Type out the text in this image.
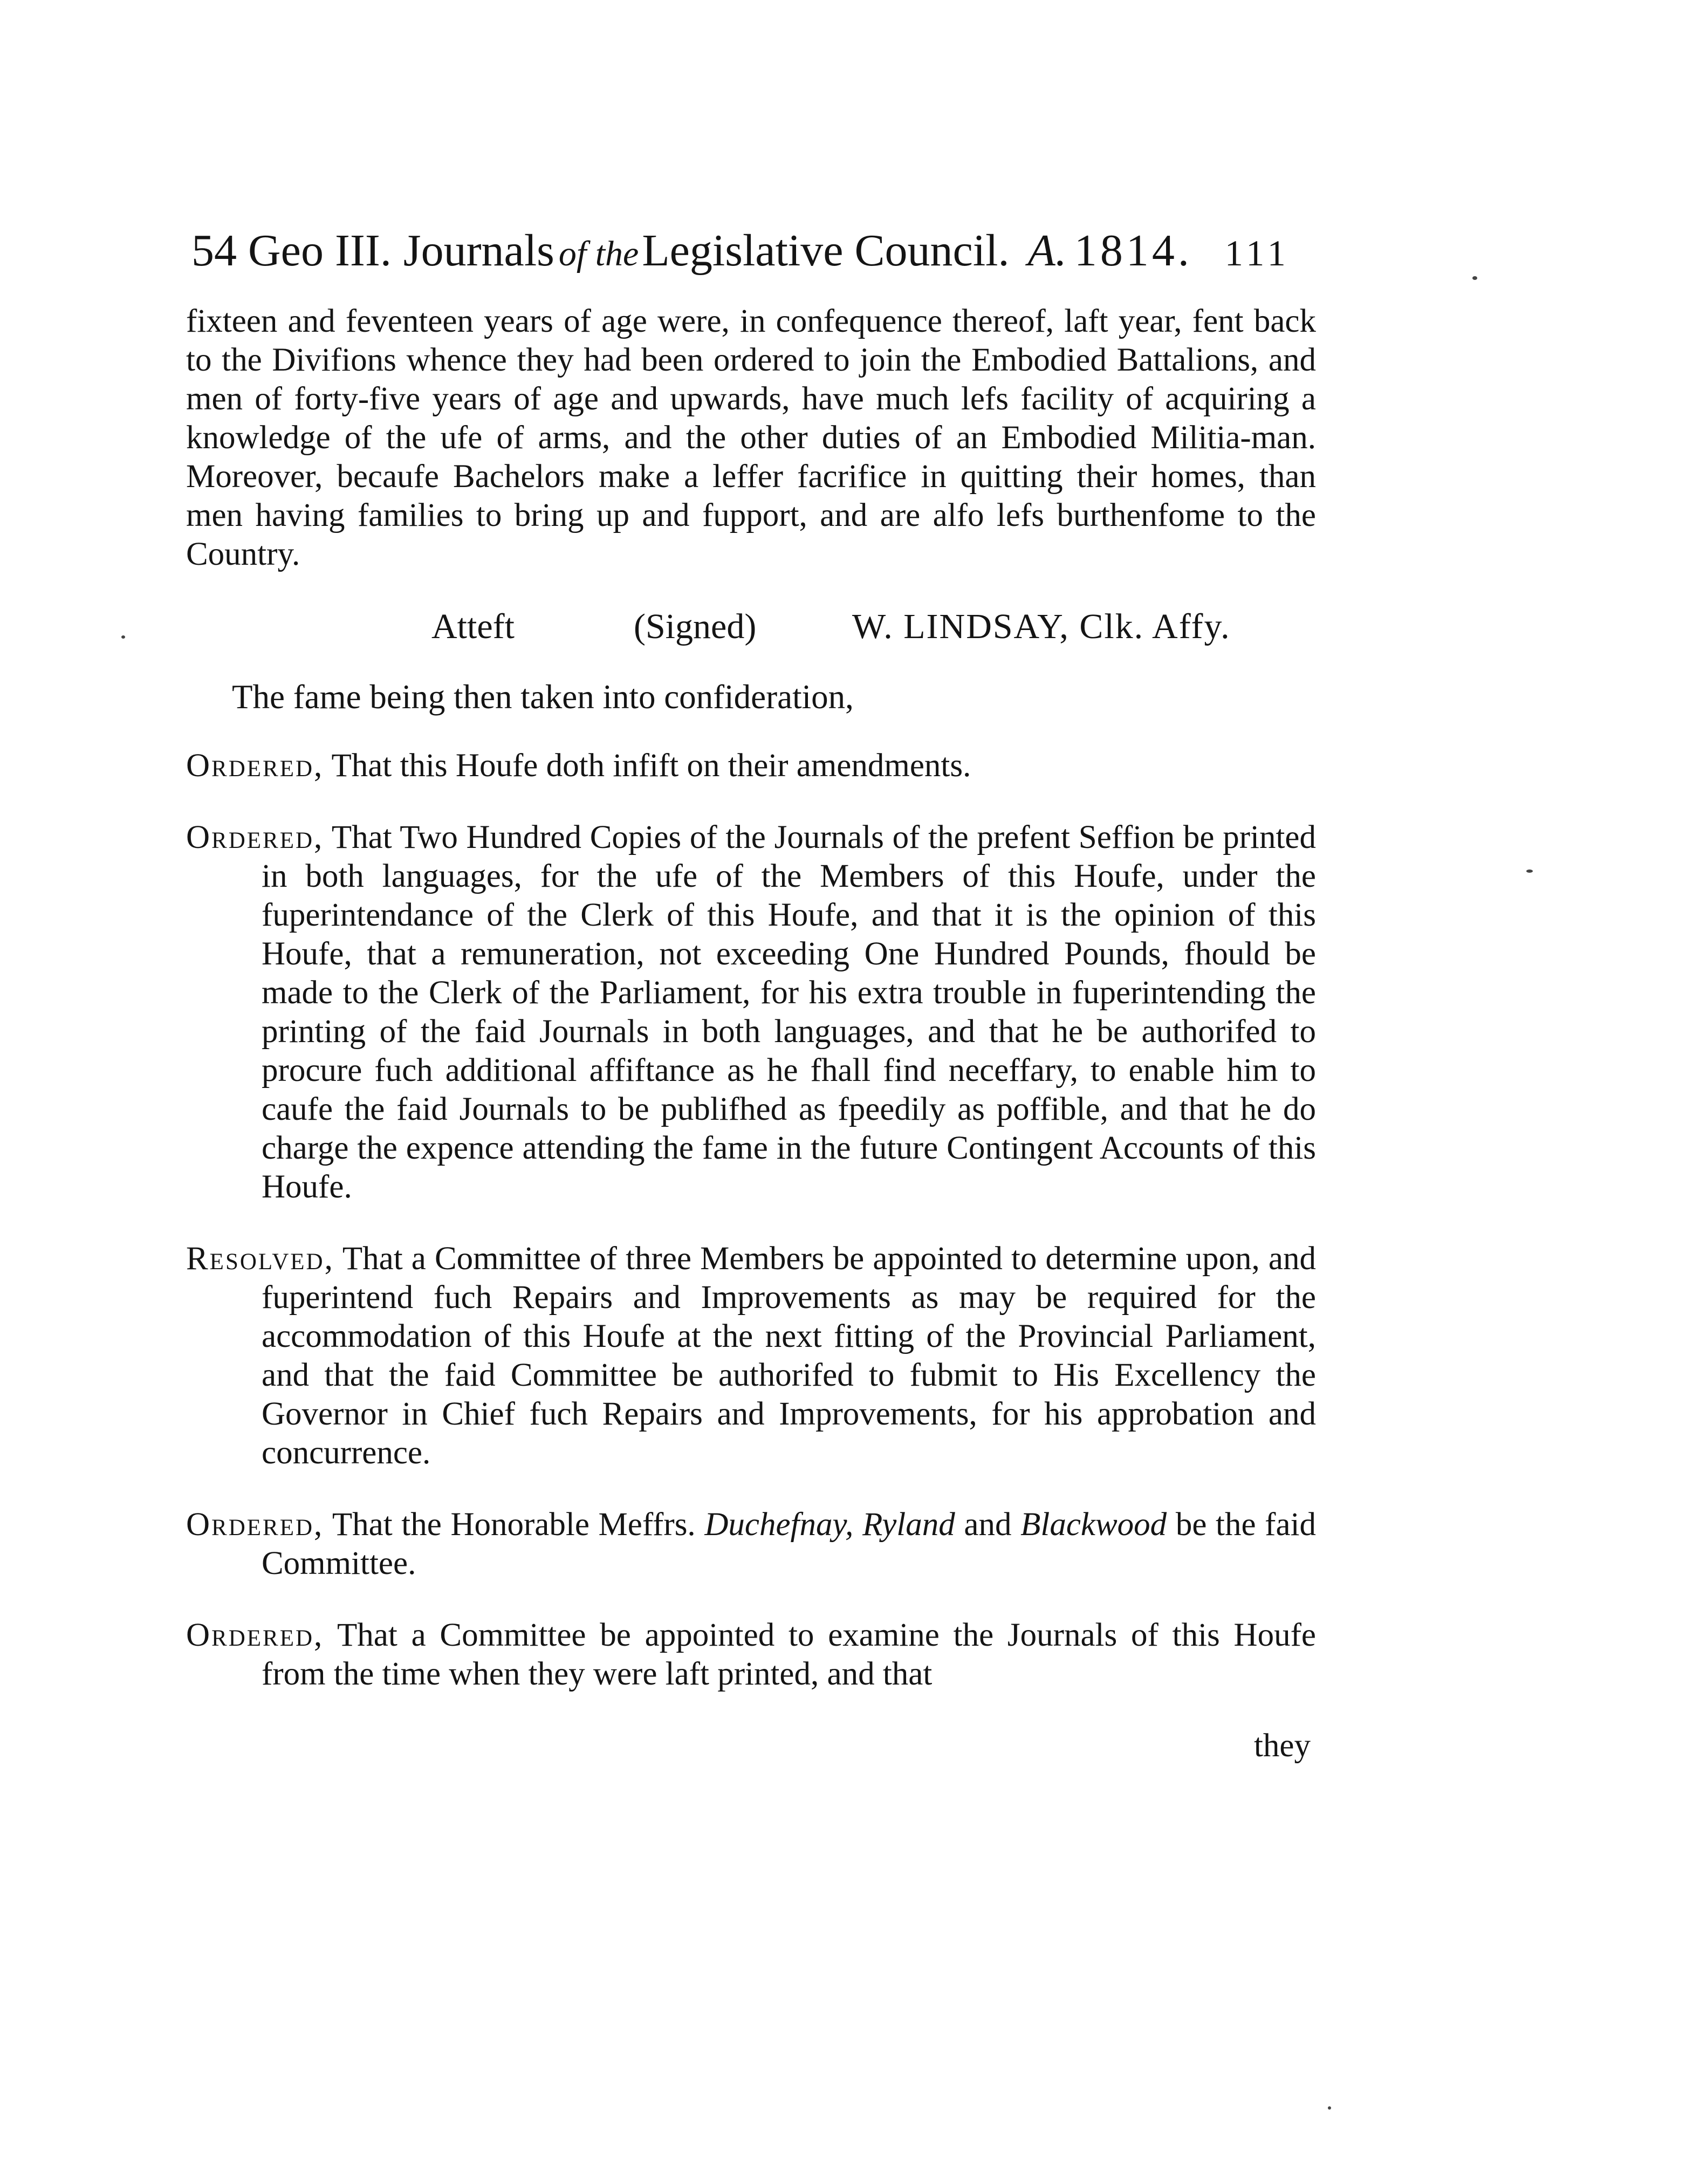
54 Geo III. Journals of theLegislative Council. A. 1814. 111

fixteen and feventeen years of age were, in confequence thereof, laft year, fent back to the Divifions whence they had been ordered to join the Embodied Battalions, and men of forty-five years of age and upwards, have much lefs facility of acquiring a knowledge of the ufe of arms, and the other duties of an Embodied Militia-man. Moreover, becaufe Bachelors make a leffer facrifice in quitting their homes, than men having families to bring up and fupport, and are alfo lefs burthenfome to the Country.

Atteft	(Signed)	W. LINDSAY, Clk. Affy.

The fame being then taken into confideration,

Ordered, That this Houfe doth infift on their amendments.

Ordered, That Two Hundred Copies of the Journals of the prefent Seffion be printed in both languages, for the ufe of the Members of this Houfe, under the fuperintendance of the Clerk of this Houfe, and that it is the opinion of this Houfe, that a remuneration, not exceeding One Hundred Pounds, fhould be made to the Clerk of the Parliament, for his extra trouble in fuperintending the printing of the faid Journals in both languages, and that he be authorifed to procure fuch additional affiftance as he fhall find neceffary, to enable him to caufe the faid Journals to be publifhed as fpeedily as poffible, and that he do charge the expence attending the fame in the future Contingent Accounts of this Houfe.

Resolved, That a Committee of three Members be appointed to determine upon, and fuperintend fuch Repairs and Improvements as may be required for the accommodation of this Houfe at the next fitting of the Provincial Parliament, and that the faid Committee be authorifed to fubmit to His Excellency the Governor in Chief fuch Repairs and Improvements, for his approbation and concurrence.

Ordered, That the Honorable Meffrs. Duchefnay, Ryland and Blackwood be the faid Committee.

Ordered, That a Committee be appointed to examine the Journals of this Houfe from the time when they were laft printed, and that

they
